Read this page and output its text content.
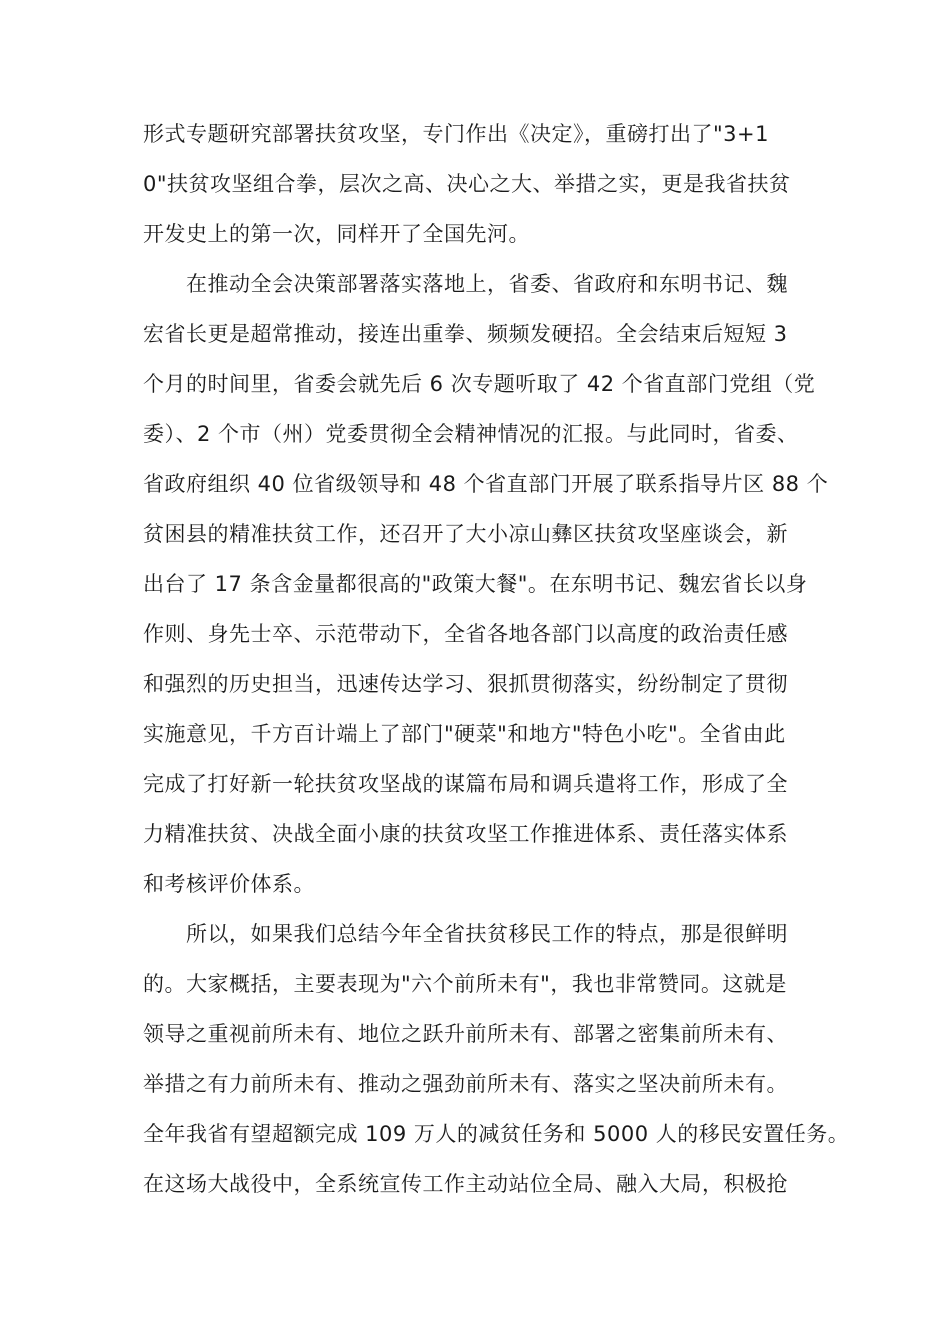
形式专题研究部署扶贫攻坚，专门作出《决定》，重磅打出了"3+1
0"扶贫攻坚组合拳，层次之高、决心之大、举措之实，更是我省扶贫
开发史上的第一次，同样开了全国先河。
在推动全会决策部署落实落地上，省委、省政府和东明书记、魏
宏省长更是超常推动，接连出重拳、频频发硬招。全会结束后短短 3
个月的时间里，省委会就先后 6 次专题听取了 42 个省直部门党组（党
委）、2 个市（州）党委贯彻全会精神情况的汇报。与此同时，省委、
省政府组织 40 位省级领导和 48 个省直部门开展了联系指导片区 88 个
贫困县的精准扶贫工作，还召开了大小凉山彝区扶贫攻坚座谈会，新
出台了 17 条含金量都很高的"政策大餐"。在东明书记、魏宏省长以身
作则、身先士卒、示范带动下，全省各地各部门以高度的政治责任感
和强烈的历史担当，迅速传达学习、狠抓贯彻落实，纷纷制定了贯彻
实施意见，千方百计端上了部门"硬菜"和地方"特色小吃"。全省由此
完成了打好新一轮扶贫攻坚战的谋篇布局和调兵遣将工作，形成了全
力精准扶贫、决战全面小康的扶贫攻坚工作推进体系、责任落实体系
和考核评价体系。
所以，如果我们总结今年全省扶贫移民工作的特点，那是很鲜明
的。大家概括，主要表现为"六个前所未有"，我也非常赞同。这就是
领导之重视前所未有、地位之跃升前所未有、部署之密集前所未有、
举措之有力前所未有、推动之强劲前所未有、落实之坚决前所未有。
全年我省有望超额完成 109 万人的减贫任务和 5000 人的移民安置任务。
在这场大战役中，全系统宣传工作主动站位全局、融入大局，积极抢
